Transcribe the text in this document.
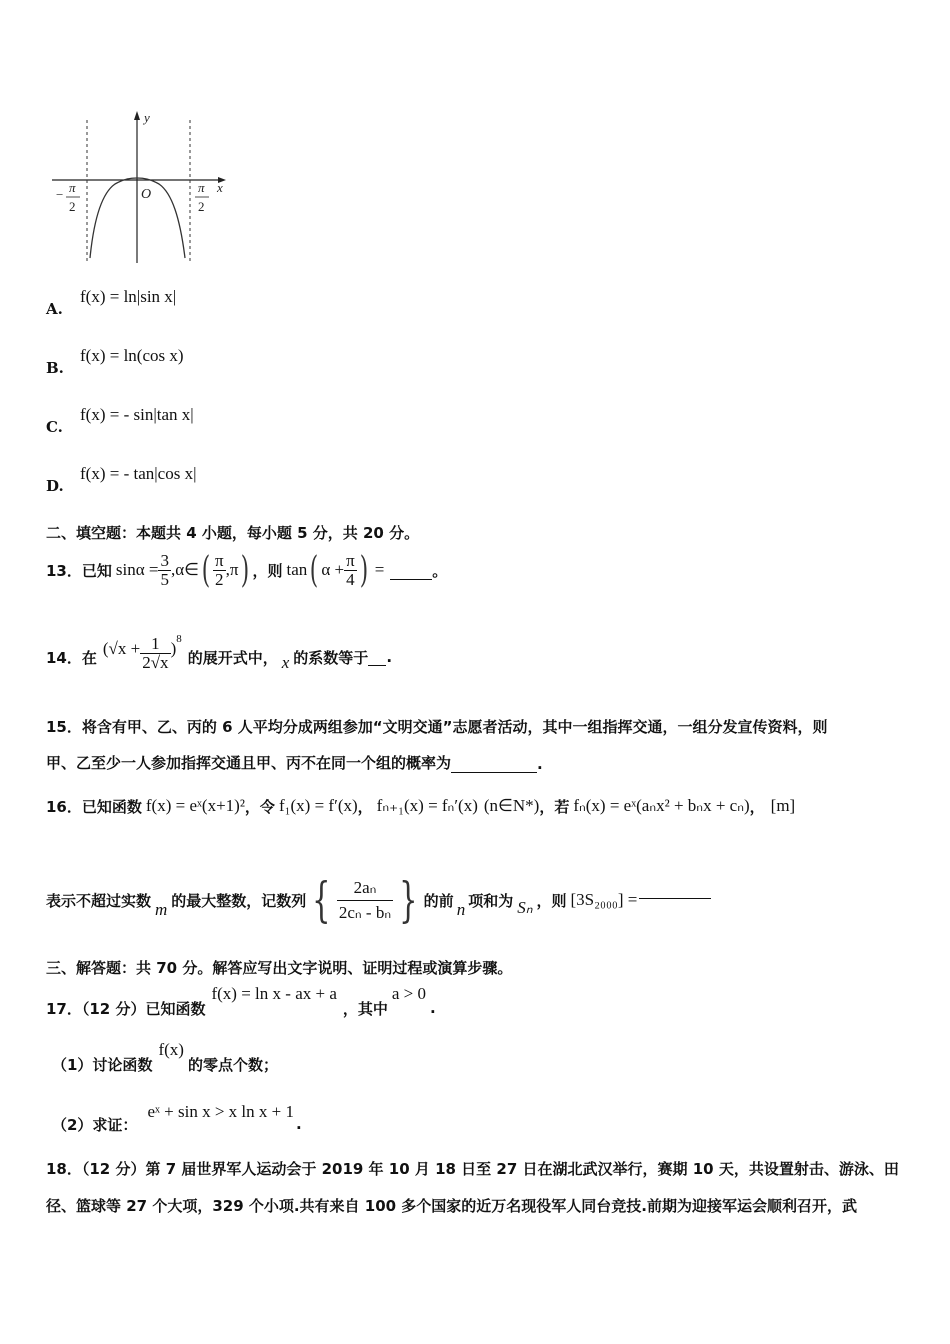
y
x
O
− π
2
π
2
A.
f(x) = ln|sin x|
B.
f(x) = ln(cos x)
C.
f(x) = - sin|tan x|
D.
f(x) = - tan|cos x|
二、填空题：本题共 4 小题，每小题 5 分，共 20 分。
13．已知 $\sin\alpha = \frac{3}{5}$ ,α∈ ( $\frac{\pi}{2} ,\pi$ ) ，则 tan ( $\alpha + \frac{\pi}{4}$ ) =	。
14．在 ($√x + \frac{1}{2√x}$ ) 8
的展开式中， x 的系数等于 .
15．将含有甲、乙、丙的 6 人平均分成两组参加“文明交通”志愿者活动，其中一组指挥交通，一组分发宣传资料，则
甲、乙至少一人参加指挥交通且甲、丙不在同一个组的概率为	.
16．已知函数 f(x) = eˣ(x+1)² ，令 f₁(x) = f′(x) ， fₙ₊₁(x) = fₙ′(x) (n∈N*) ，若 fₙ(x) = eˣ(aₙx² + bₙx + cₙ) ， [m]
表示不超过实数 m 的最大整数，记数列 { $\frac{\text{2aₙ}}{\text{2cₙ - bₙ}}$ } 的前 n 项和为 Sₙ ，则 [3S₂₀₀₀] =
三、解答题：共 70 分。解答应写出文字说明、证明过程或演算步骤。
17．（12 分）已知函数
f(x) = ln x - ax + a
，其中
a > 0
.
（1）讨论函数
f(x)
的零点个数；
（2）求证：
eˣ + sin x > x ln x + 1
.
18．（12 分）第 7 届世界军人运动会于 2019 年 10 月 18 日至 27 日在湖北武汉举行，赛期 10 天，共设置射击、游泳、田
径、篮球等 27 个大项，329 个小项.共有来自 100 多个国家的近万名现役军人同台竞技.前期为迎接军运会顺利召开，武
